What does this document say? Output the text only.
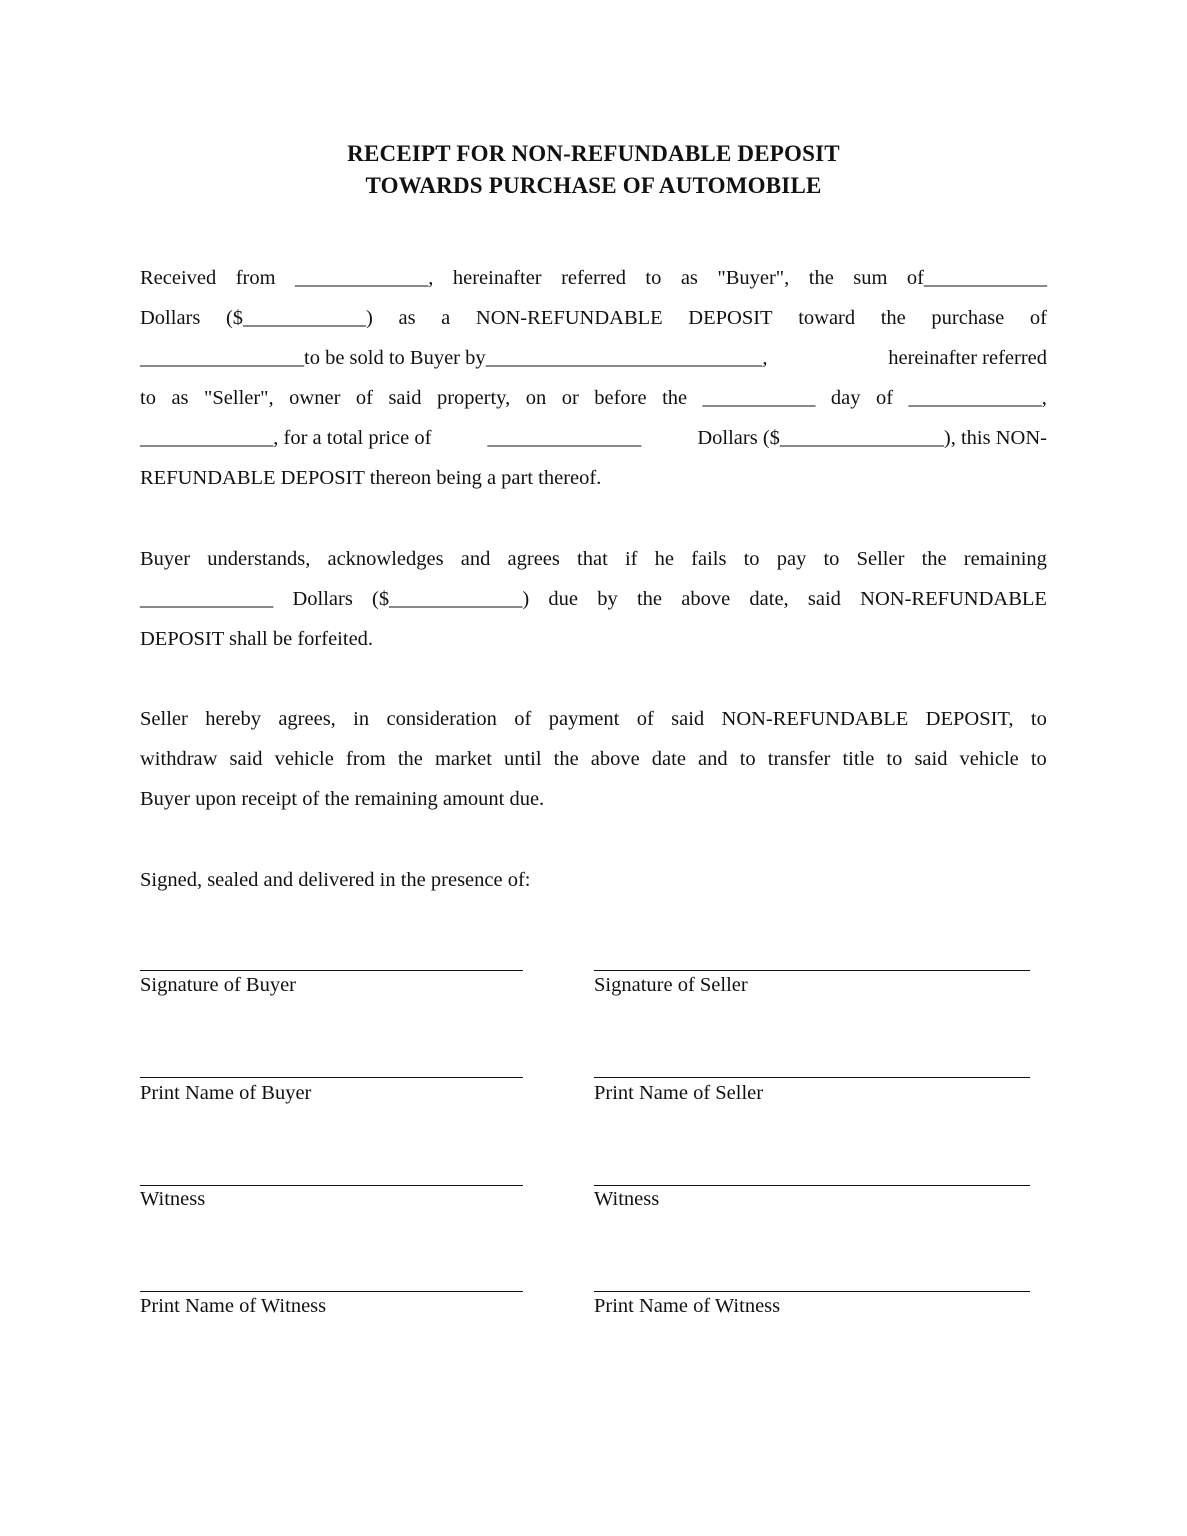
RECEIPT FOR NON-REFUNDABLE DEPOSIT
TOWARDS PURCHASE OF AUTOMOBILE
Received from _____________, hereinafter referred to as "Buyer", the sum of____________
Dollars ($____________) as a NON-REFUNDABLE DEPOSIT toward the purchase of
________________to be sold to Buyer by___________________________,	hereinafter referred
to as "Seller", owner of said property, on or before the ___________ day of _____________,
_____________, for a total price of	_______________	Dollars ($________________), this NON-
REFUNDABLE DEPOSIT thereon being a part thereof.
Buyer understands, acknowledges and agrees that if he fails to pay to Seller the remaining
_____________ Dollars ($_____________) due by the above date, said NON-REFUNDABLE
DEPOSIT shall be forfeited.
Seller hereby agrees, in consideration of payment of said NON-REFUNDABLE DEPOSIT, to
withdraw said vehicle from the market until the above date and to transfer title to said vehicle to
Buyer upon receipt of the remaining amount due.
Signed, sealed and delivered in the presence of:
Signature of Buyer	Signature of Seller
Print Name of Buyer	Print Name of Seller
Witness	Witness
Print Name of Witness	Print Name of Witness
